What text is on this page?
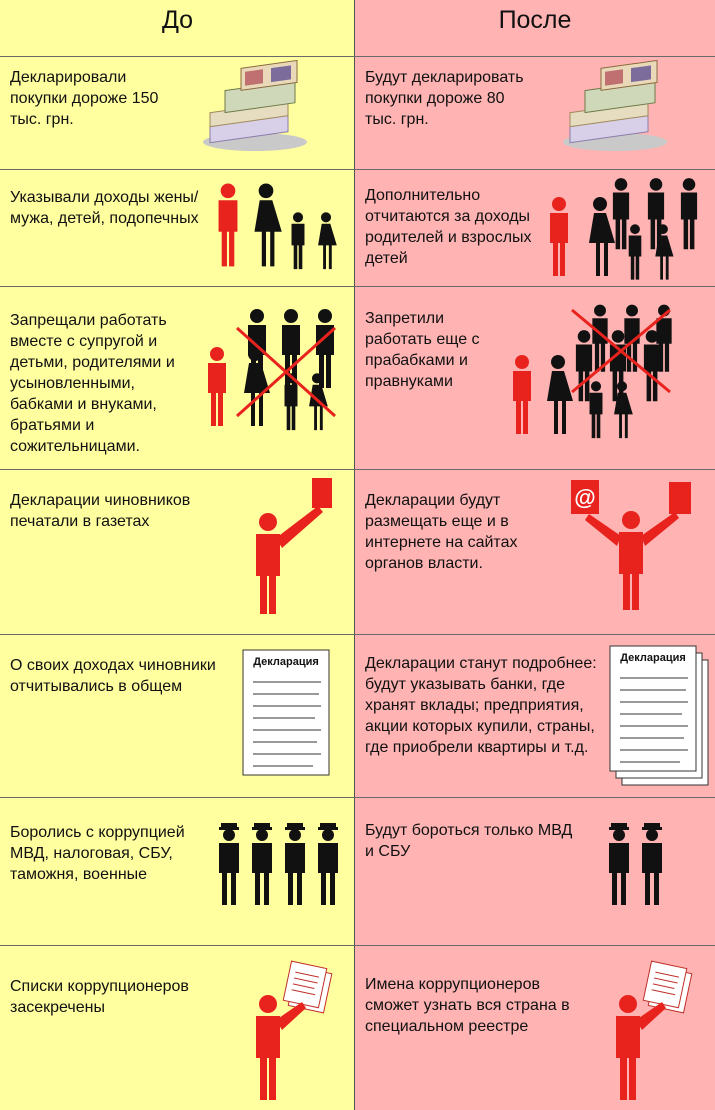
До	После

Декларировали покупки дороже 150 тыс. грн.

Будут декларировать покупки дороже 80 тыс. грн.

Указывали доходы жены/мужа, детей, подопечных

Дополнительно отчитаются за доходы родителей и взрослых детей

Запрещали работать вместе с супругой и детьми, родителями и усыновленными, бабками и внуками, братьями и сожительницами.

Запретили работать еще с прабабками и правнуками

Декларации чиновников печатали в газетах

Декларации будут размещать еще и в интернете на сайтах органов власти.

@

О своих доходах чиновники отчитывались в общем

Декларации станут подробнее: будут указывать банки, где хранят вклады; предприятия, акции которых купили, страны, где приобрели квартиры и т.д.

Декларация	Декларация

Боролись с коррупцией МВД, налоговая, СБУ, таможня, военные

Будут бороться только МВД и СБУ

Списки коррупционеров засекречены

Имена коррупционеров сможет узнать вся страна в специальном реестре
